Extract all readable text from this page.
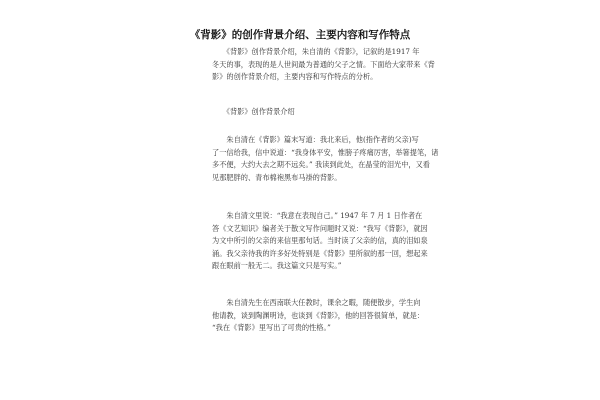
《背影》的创作背景介绍、主要内容和写作特点
　　《背影》创作背景介绍，朱自清的《背影》，记叙的是1917 年
冬天的事，表现的是人世间最为普通的父子之情。下面给大家带来《背
影》的创作背景介绍，主要内容和写作特点的分析。
　　《背影》创作背景介绍
　　朱自清在《背影》篇末写道：我北来后，他(指作者的父亲)写
了一信给我，信中说道：“我身体平安，惟膀子疼痛厉害，举箸提笔，诸
多不便，大约大去之期不远矣。” 我读到此处，在晶莹的泪光中，又看
见那肥胖的、青布棉袍黑布马褂的背影。
　　朱自清文里说：“我意在表现自己。” 1947 年 7 月 1 日作者在
答《文艺知识》编者关于散文写作问题时又说：“我写《背影》，就因
为文中所引的父亲的来信里那句话。当时读了父亲的信，真的泪如泉
涌。我父亲待我的许多好处特别是《背影》里所叙的那一回，想起来
跟在眼前一般无二。我这篇文只是写实。”
　　朱自清先生在西南联大任教时，课余之暇，随便散步，学生向
他请教，谈到陶渊明诗，也谈到《背影》，他的回答很简单，就是：
“我在《背影》里写出了可贵的性格。”
